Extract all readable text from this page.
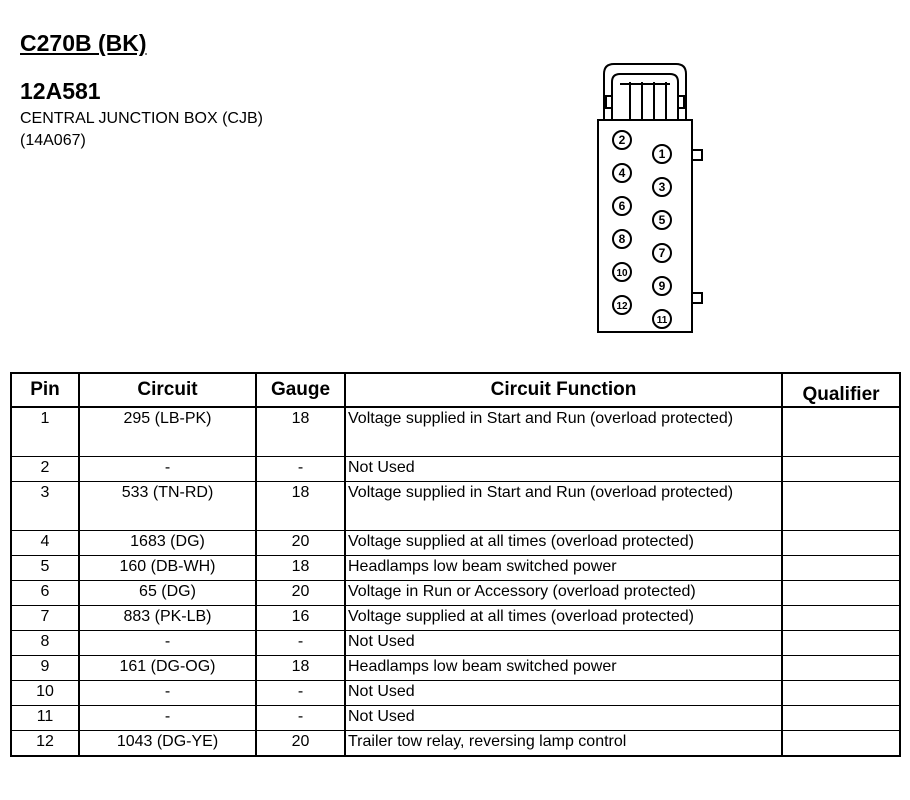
C270B (BK)
12A581

CENTRAL JUNCTION BOX (CJB)

(14A067)	2
4
6
8
10
12
1
3
5
7
9
11
Pin	Circuit	Gauge	Circuit Function	Qualifier
1	295 (LB-PK)	18	Voltage supplied in Start and Run (overload protected)	
2	-	-	Not Used	
3	533 (TN-RD)	18	Voltage supplied in Start and Run (overload protected)	
4	1683 (DG)	20	Voltage supplied at all times (overload protected)	
5	160 (DB-WH)	18	Headlamps low beam switched power	
6	65 (DG)	20	Voltage in Run or Accessory (overload protected)	
7	883 (PK-LB)	16	Voltage supplied at all times (overload protected)	
8	-	-	Not Used	
9	161 (DG-OG)	18	Headlamps low beam switched power	
10	-	-	Not Used	
11	-	-	Not Used	
12	1043 (DG-YE)	20	Trailer tow relay, reversing lamp control	
